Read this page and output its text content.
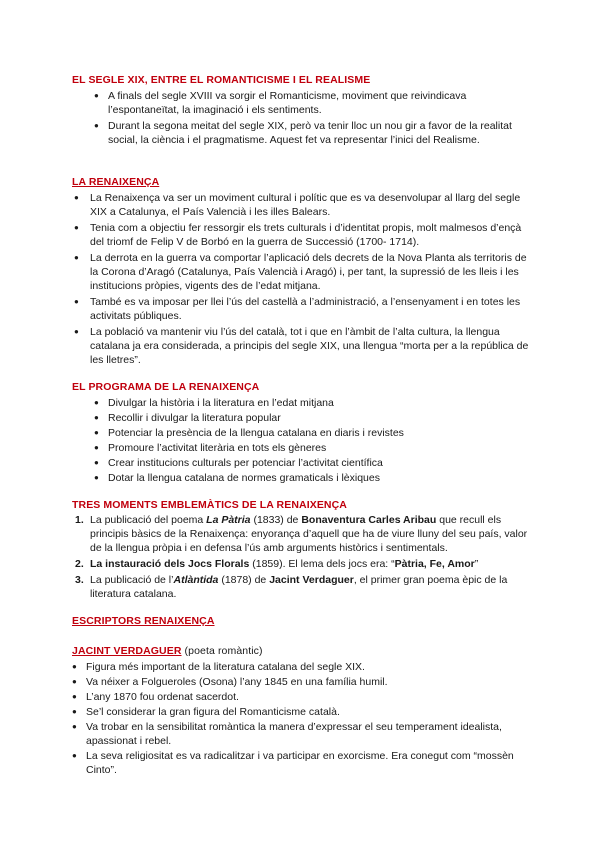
EL SEGLE XIX, ENTRE EL ROMANTICISME I EL REALISME
● A finals del segle XVIII va sorgir el Romanticisme, moviment que reivindicava l’espontaneïtat, la imaginació i els sentiments.
● Durant la segona meitat del segle XIX, però va tenir lloc un nou gir a favor de la realitat social, la ciència i el pragmatisme. Aquest fet va representar l’inici del Realisme.
LA RENAIXENÇA
● La Renaixença va ser un moviment cultural i polític que es va desenvolupar al llarg del segle XIX a Catalunya, el País Valencià i les illes Balears.
● Tenia com a objectiu fer ressorgir els trets culturals i d’identitat propis, molt malmesos d’ençà del triomf de Felip V de Borbó en la guerra de Successió (1700- 1714).
● La derrota en la guerra va comportar l’aplicació dels decrets de la Nova Planta als territoris de la Corona d’Aragó (Catalunya, País Valencià i Aragó) i, per tant, la supressió de les lleis i les institucions pròpies, vigents des de l’edat mitjana.
● També es va imposar per llei l’ús del castellà a l’administració, a l’ensenyament i en totes les activitats públiques.
● La població va mantenir viu l’ús del català, tot i que en l’àmbit de l’alta cultura, la llengua catalana ja era considerada, a principis del segle XIX, una llengua “morta per a la república de les lletres”.
EL PROGRAMA DE LA RENAIXENÇA
● Divulgar la història i la literatura en l’edat mitjana
● Recollir i divulgar la literatura popular
● Potenciar la presència de la llengua catalana en diaris i revistes
● Promoure l’activitat literària en tots els gèneres
● Crear institucions culturals per potenciar l’activitat científica
● Dotar la llengua catalana de normes gramaticals i lèxiques
TRES MOMENTS EMBLEMÀTICS DE LA RENAIXENÇA
1. La publicació del poema La Pàtria (1833) de Bonaventura Carles Aribau que recull els principis bàsics de la Renaixença: enyorança d’aquell que ha de viure lluny del seu país, valor de la llengua pròpia i en defensa l’ús amb arguments històrics i sentimentals.
2. La instauració dels Jocs Florals (1859). El lema dels jocs era: “Pàtria, Fe, Amor”
3. La publicació de l’Atlàntida (1878) de Jacint Verdaguer, el primer gran poema èpic de la literatura catalana.
ESCRIPTORS RENAIXENÇA
JACINT VERDAGUER (poeta romàntic)
● Figura més important de la literatura catalana del segle XIX.
● Va néixer a Folgueroles (Osona) l’any 1845 en una família humil.
● L’any 1870 fou ordenat sacerdot.
● Se’l considerar la gran figura del Romanticisme català.
● Va trobar en la sensibilitat romàntica la manera d’expressar el seu temperament idealista, apassionat i rebel.
● La seva religiositat es va radicalitzar i va participar en exorcisme. Era conegut com “mossèn Cinto”.
